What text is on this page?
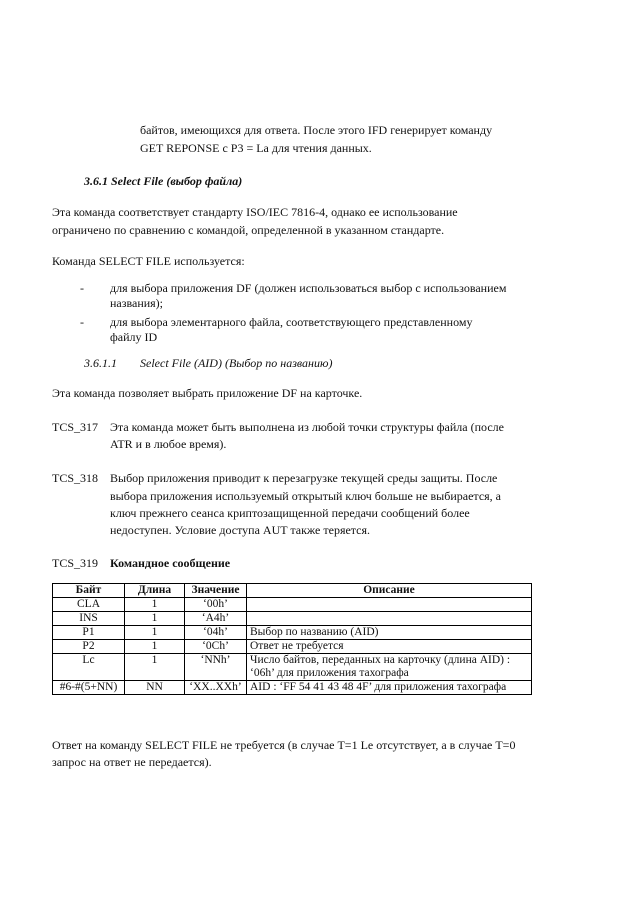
байтов, имеющихся для ответа. После этого IFD генерирует команду

GET REPONSE с P3 = La для чтения данных.

3.6.1 Select File (выбор файла)

Эта команда соответствует стандарту ISO/IEC 7816-4, однако ее использование

ограничено по сравнению с командой, определенной в указанном стандарте.

Команда SELECT FILE используется:

- для выбора приложения DF (должен использоваться выбор с использованием

названия);

- для выбора элементарного файла, соответствующего представленному

файлу ID

3.6.1.1 Select File (AID) (Выбор по названию)

Эта команда позволяет выбрать приложение DF на карточке.

TCS_317 Эта команда может быть выполнена из любой точки структуры файла (после

ATR и в любое время).

TCS_318 Выбор приложения приводит к перезагрузке текущей среды защиты. После

выбора приложения используемый открытый ключ больше не выбирается, а

ключ прежнего сеанса криптозащищенной передачи сообщений более

недоступен. Условие доступа AUT также теряется.

TCS_319 Командное сообщение
Байт	Длина	Значение	Описание
CLA	1	‘00h’	
INS	1	‘A4h’	
P1	1	‘04h’	Выбор по названию (AID)
P2	1	‘0Ch’	Ответ не требуется
Lc	1	‘NNh’	Число байтов, переданных на карточку (длина AID) : ‘06h’ для приложения тахографа
#6-#(5+NN)	NN	‘XX..XXh’	AID : ‘FF 54 41 43 48 4F’ для приложения тахографа

Ответ на команду SELECT FILE не требуется (в случае T=1 Le отсутствует, а в случае T=0

запрос на ответ не передается).
